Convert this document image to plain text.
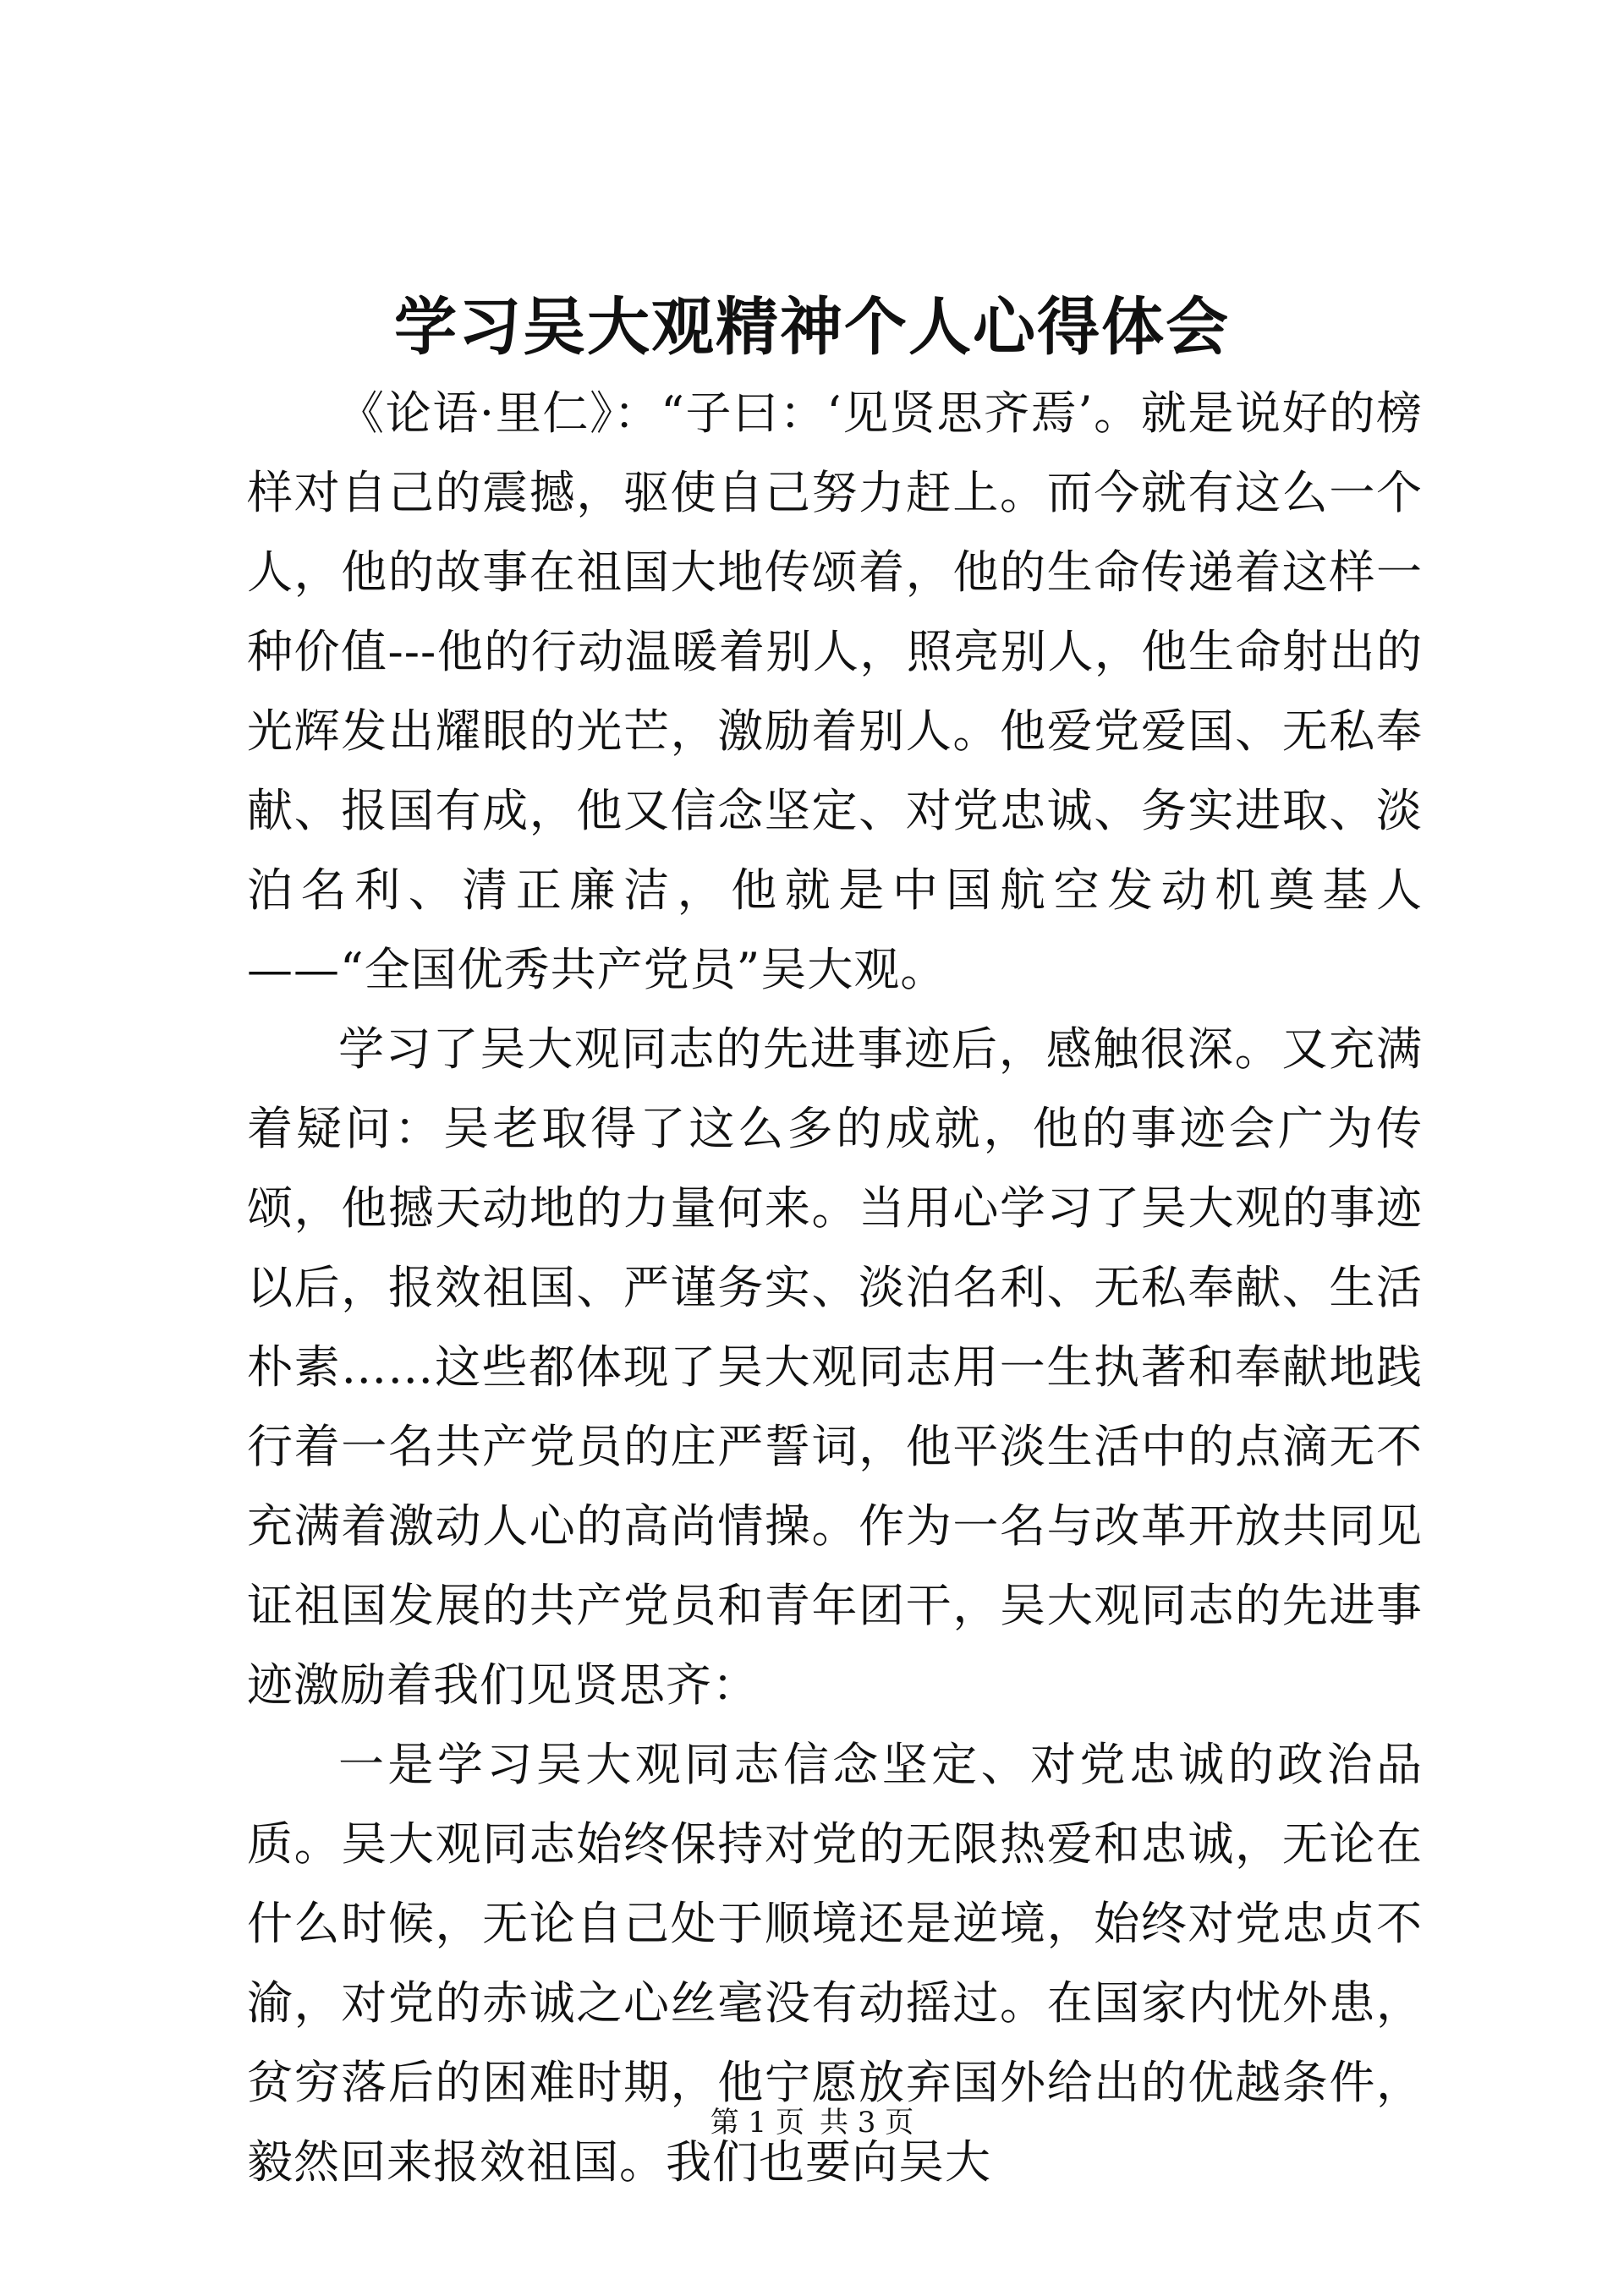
学习吴大观精神个人心得体会

《论语·里仁》：“子曰：‘见贤思齐焉’。就是说好的榜样对自己的震撼，驱使自己努力赶上。而今就有这么一个人，他的故事在祖国大地传颂着，他的生命传递着这样一种价值---他的行动温暖着别人，照亮别人，他生命射出的光辉发出耀眼的光芒，激励着别人。他爱党爱国、无私奉献、报国有成，他又信念坚定、对党忠诚、务实进取、淡泊名利、清正廉洁，他就是中国航空发动机奠基人——“全国优秀共产党员”吴大观。

学习了吴大观同志的先进事迹后，感触很深。又充满着疑问：吴老取得了这么多的成就，他的事迹会广为传颂，他撼天动地的力量何来。当用心学习了吴大观的事迹以后，报效祖国、严谨务实、淡泊名利、无私奉献、生活朴素……这些都体现了吴大观同志用一生执著和奉献地践行着一名共产党员的庄严誓词，他平淡生活中的点滴无不充满着激动人心的高尚情操。作为一名与改革开放共同见证祖国发展的共产党员和青年团干，吴大观同志的先进事迹激励着我们见贤思齐：

一是学习吴大观同志信念坚定、对党忠诚的政治品质。吴大观同志始终保持对党的无限热爱和忠诚，无论在什么时候，无论自己处于顺境还是逆境，始终对党忠贞不渝，对党的赤诚之心丝毫没有动摇过。在国家内忧外患，贫穷落后的困难时期，他宁愿放弃国外给出的优越条件，毅然回来报效祖国。我们也要向吴大

第 1 页 共 3 页
